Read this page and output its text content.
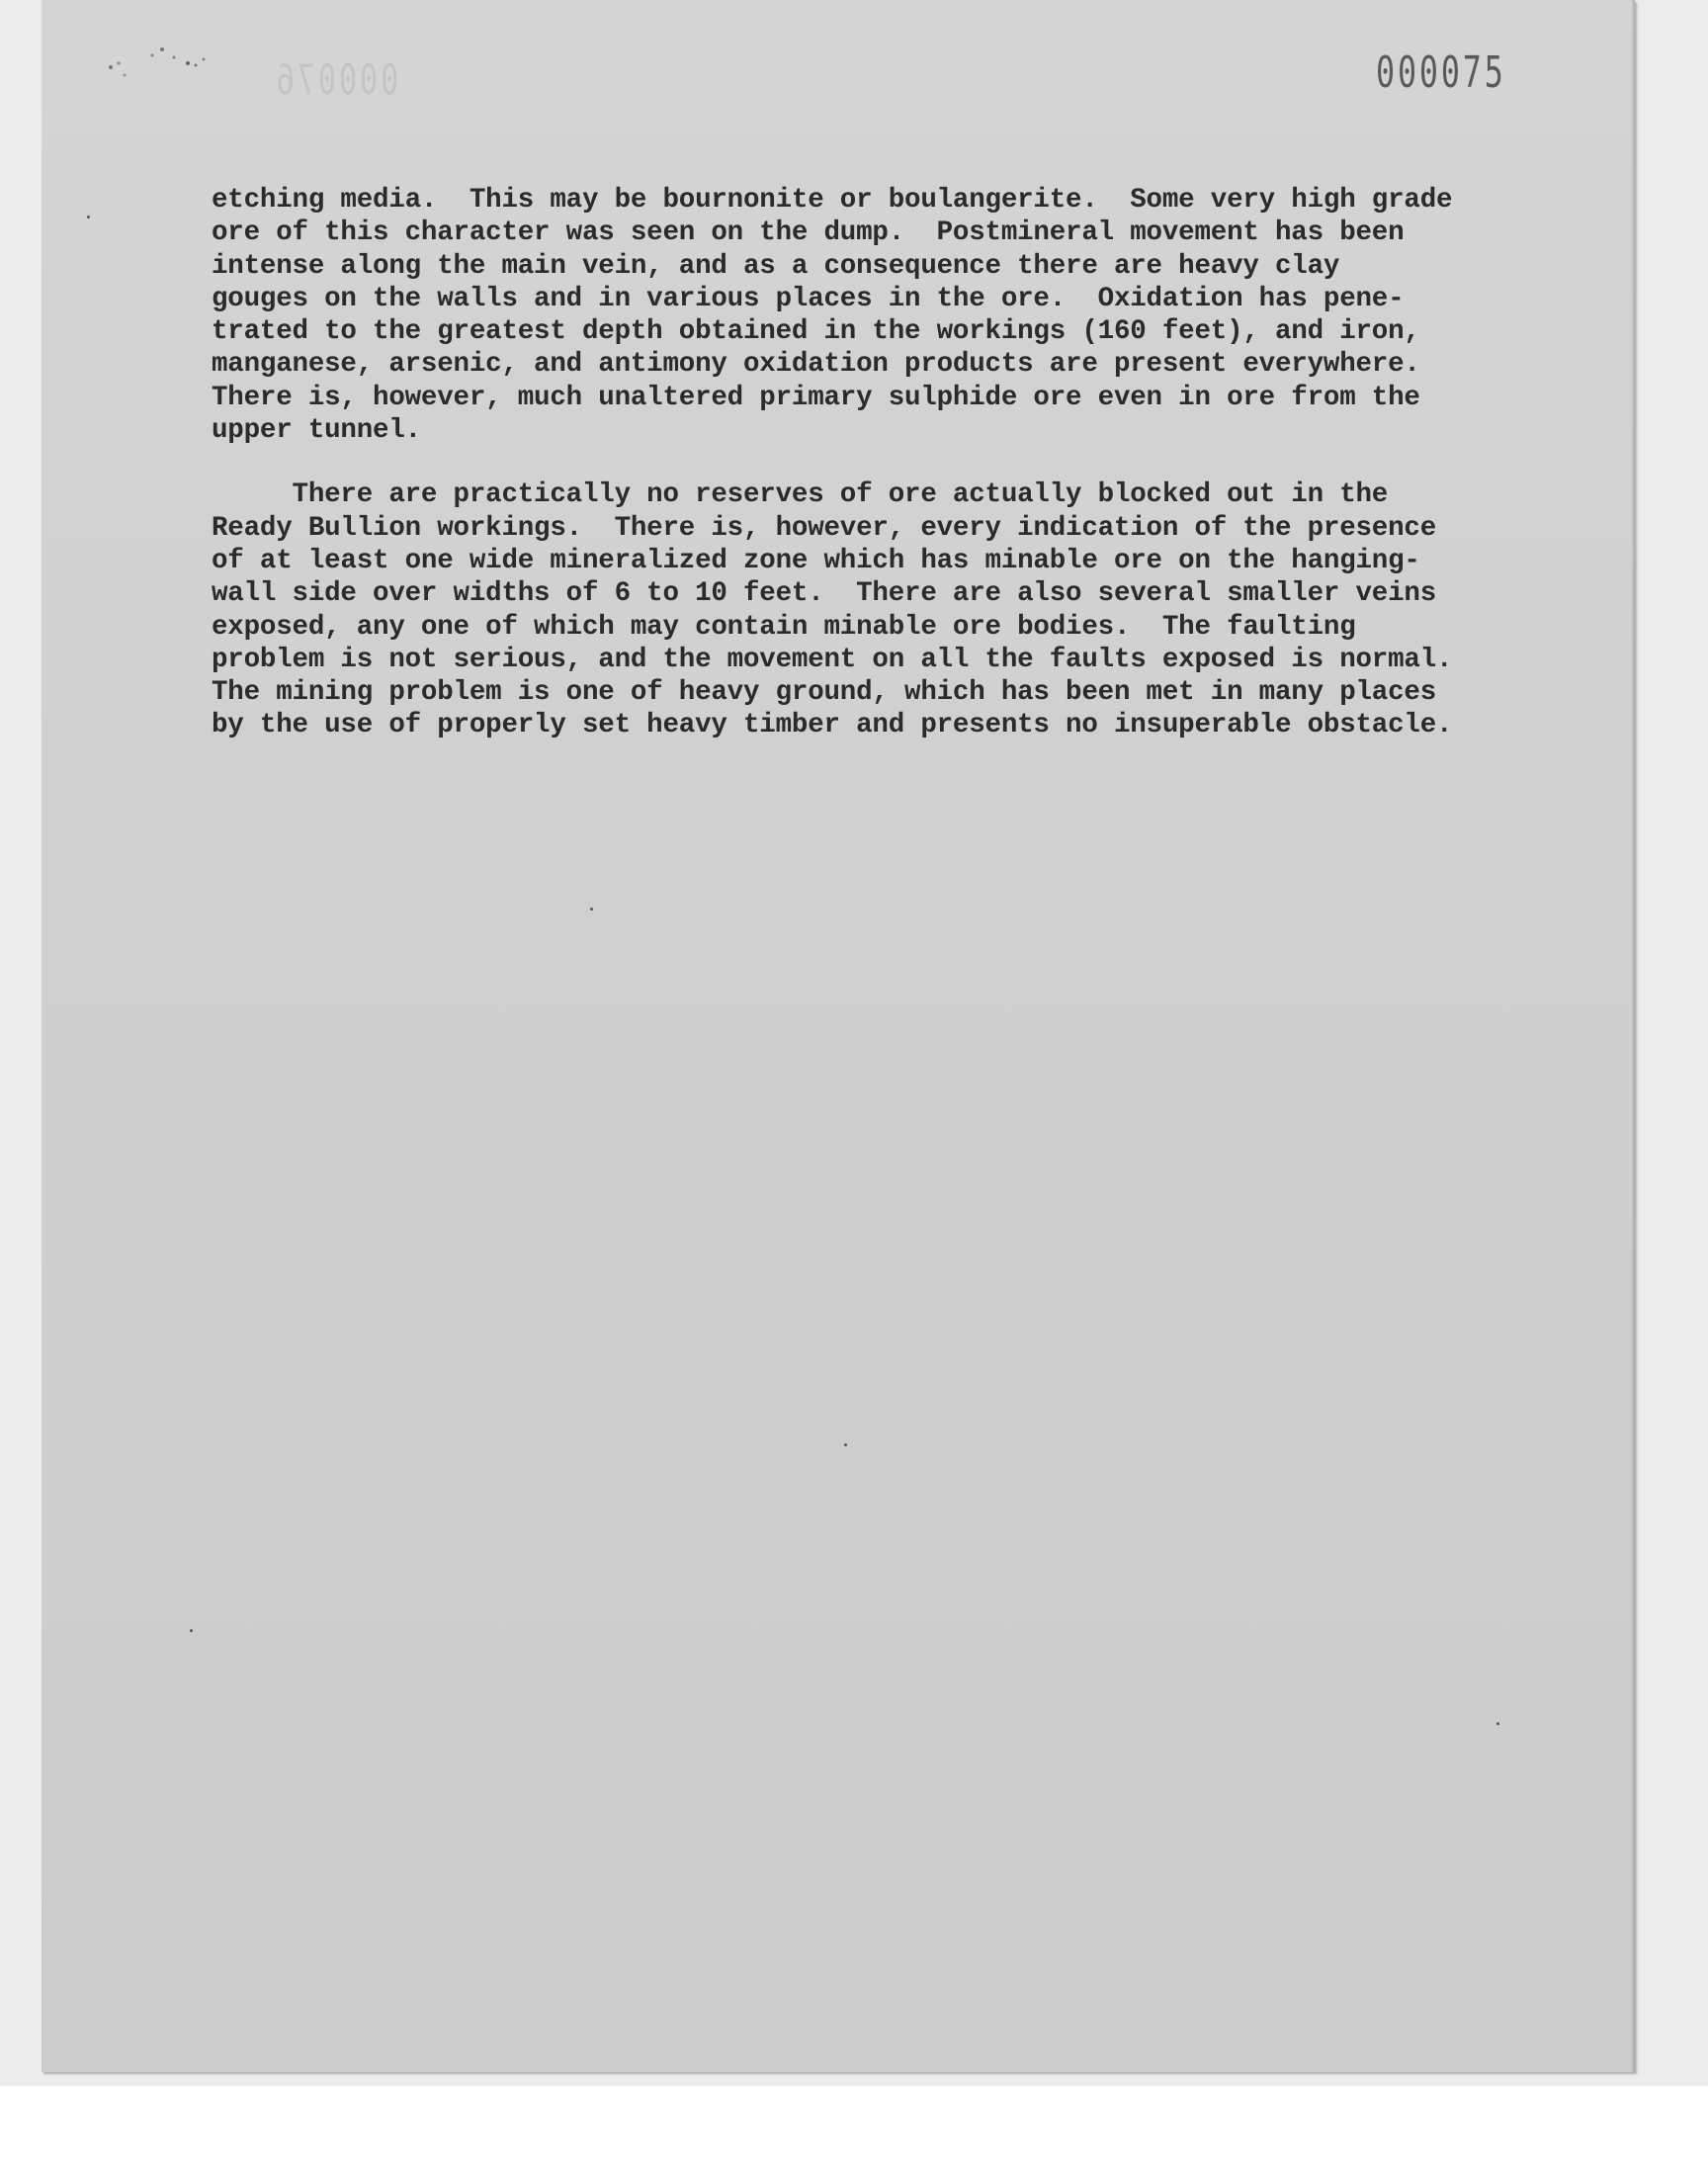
000076	000075

etching media.  This may be bournonite or boulangerite.  Some very high grade
ore of this character was seen on the dump.  Postmineral movement has been
intense along the main vein, and as a consequence there are heavy clay
gouges on the walls and in various places in the ore.  Oxidation has pene-
trated to the greatest depth obtained in the workings (160 feet), and iron,
manganese, arsenic, and antimony oxidation products are present everywhere.
There is, however, much unaltered primary sulphide ore even in ore from the
upper tunnel.

There are practically no reserves of ore actually blocked out in the
Ready Bullion workings.  There is, however, every indication of the presence
of at least one wide mineralized zone which has minable ore on the hanging-
wall side over widths of 6 to 10 feet.  There are also several smaller veins
exposed, any one of which may contain minable ore bodies.  The faulting
problem is not serious, and the movement on all the faults exposed is normal.
The mining problem is one of heavy ground, which has been met in many places
by the use of properly set heavy timber and presents no insuperable obstacle.
